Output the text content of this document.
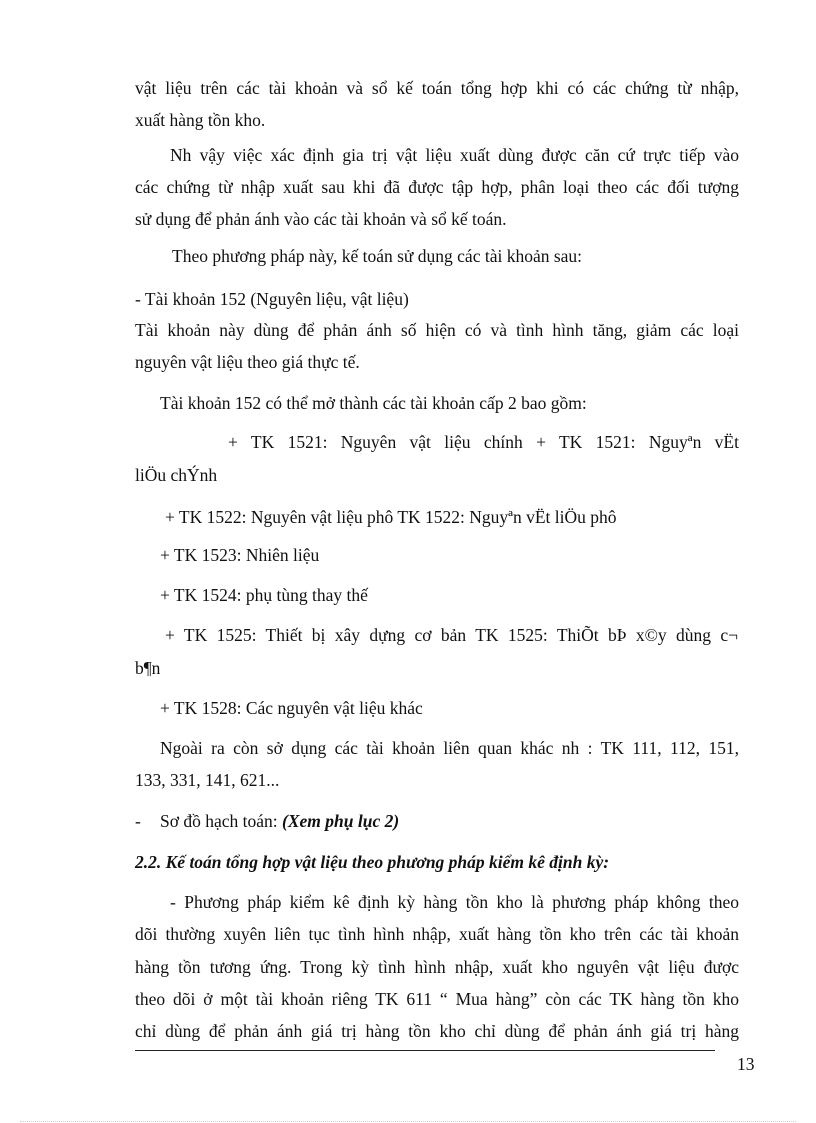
vật liệu trên các tài khoản và sổ kế toán tổng hợp khi có các chứng từ nhập,
xuất hàng tồn kho.
Nh vậy việc xác định gia trị vật liệu xuất dùng được căn cứ trực tiếp vào
các chứng từ nhập xuất sau khi đã được tập hợp, phân loại theo các đối tượng
sử dụng để phản ánh vào các tài khoản và sổ kế toán.
Theo phương pháp này, kế toán sử dụng các tài khoản sau:
- Tài khoản 152 (Nguyên liệu, vật liệu)
Tài khoản này dùng để phản ánh số hiện có và tình hình tăng, giảm các loại
nguyên vật liệu theo giá thực tế.
Tài khoản 152 có thể mở thành các tài khoản cấp 2 bao gồm:
+ TK 1521: Nguyên vật liệu chính + TK 1521: Nguyªn vËt
liÖu chÝnh
+ TK 1522: Nguyên vật liệu phô TK 1522: Nguyªn vËt liÖu phô
+ TK 1523: Nhiên liệu
+ TK 1524: phụ tùng thay thế
+ TK 1525: Thiết bị xây dựng cơ bản TK 1525: ThiÕt bÞ x©y dùng c¬
b¶n
+ TK 1528: Các nguyên vật liệu khác
Ngoài ra còn sở dụng các tài khoản liên quan khác nh : TK 111, 112, 151,
133, 331, 141, 621...
- Sơ đồ hạch toán: (Xem phụ lục 2)
2.2. Kế toán tổng hợp vật liệu theo phương pháp kiểm kê định kỳ:
- Phương pháp kiểm kê định kỳ hàng tồn kho là phương pháp không theo
dõi thường xuyên liên tục tình hình nhập, xuất hàng tồn kho trên các tài khoản
hàng tồn tương ứng. Trong kỳ tình hình nhập, xuất kho nguyên vật liệu được
theo dõi ở một tài khoản riêng TK 611 “ Mua hàng” còn các TK hàng tồn kho
chỉ dùng để phản ánh giá trị hàng tồn kho chỉ dùng để phản ánh giá trị hàng
13
